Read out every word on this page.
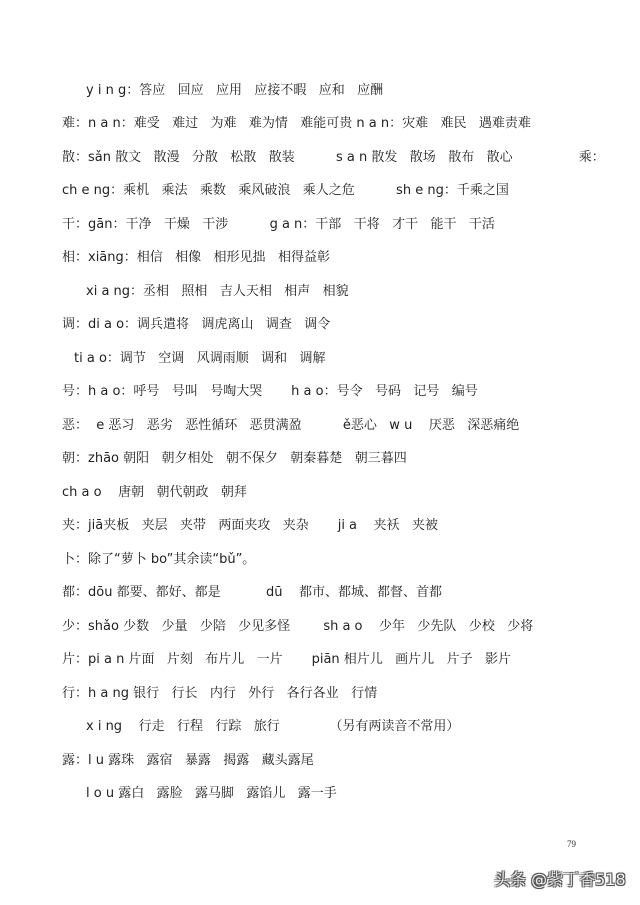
y i n g：答应   回应   应用   应接不暇   应和   应酬
难：n a n：难受   难过   为难   难为情   难能可贵 n a n：灾难   难民   遇难责难
散：sǎn 散文   散漫   分散   松散   散装          s a n 散发   散场   散布   散心                乘：
ch e ng：乘机   乘法   乘数   乘风破浪   乘人之危          sh e ng：千乘之国
干：gān：干净   干燥   干涉          g a n：干部   干将   才干   能干   干活
相：xiāng：相信   相像   相形见拙   相得益彰
xi a ng：丞相   照相   吉人天相   相声   相貌
调：di a o：调兵遣将   调虎离山   调查   调令
ti a o：调节   空调   风调雨顺   调和   调解
号：h a o：呼号   号叫   号啕大哭       h a o：号令   号码   记号   编号
恶：  e 恶习   恶劣   恶性循环   恶贯满盈          ě恶心   w u    厌恶   深恶痛绝
朝：zhāo 朝阳   朝夕相处   朝不保夕   朝秦暮楚   朝三暮四
ch a o    唐朝   朝代朝政   朝拜
夹：jiā夹板   夹层   夹带   两面夹攻   夹杂       ji a    夹袄   夹被
卜：除了“萝卜 bo”其余读“bǔ”。
都：dōu 都要、都好、都是           dū    都市、都城、都督、首都
少：shǎo 少数   少量   少陪   少见多怪        sh a o    少年   少先队   少校   少将
片：pi a n 片面   片刻   布片儿   一片       piān 相片儿   画片儿   片子   影片
行：h a ng 银行   行长   内行   外行   各行各业   行情
x i ng    行走   行程   行踪   旅行            （另有两读音不常用）
露：l u 露珠   露宿   暴露   揭露   藏头露尾
l o u 露白   露脸   露马脚   露馅儿   露一手
79
头条 @紫丁香518
